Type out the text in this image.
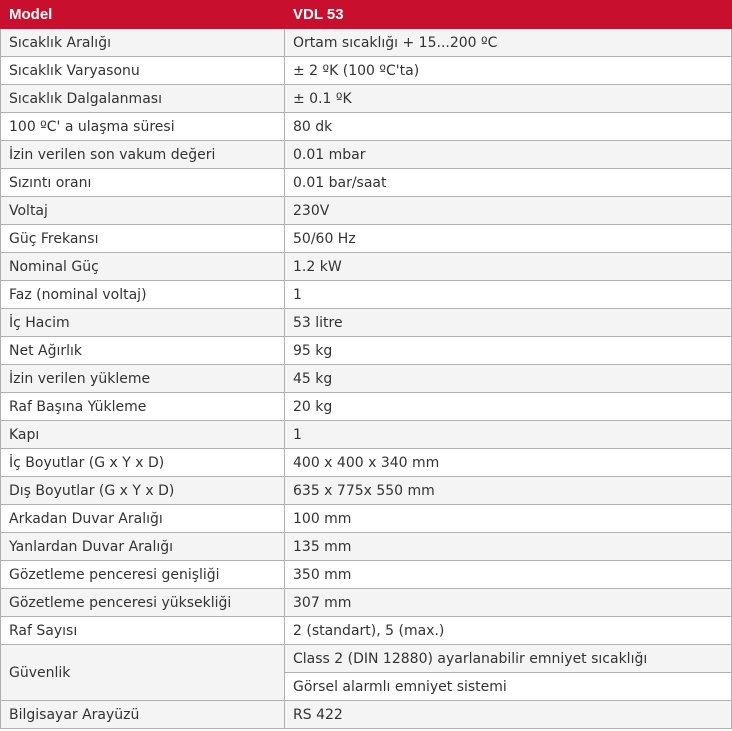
Model	VDL 53
Sıcaklık Aralığı	Ortam sıcaklığı + 15...200 ºC
Sıcaklık Varyasonu	± 2 ºK (100 ºC'ta)
Sıcaklık Dalgalanması	± 0.1 ºK
100 ºC' a ulaşma süresi	80 dk
İzin verilen son vakum değeri	0.01 mbar
Sızıntı oranı	0.01 bar/saat
Voltaj	230V
Güç Frekansı	50/60 Hz
Nominal Güç	1.2 kW
Faz (nominal voltaj)	1
İç Hacim	53 litre
Net Ağırlık	95 kg
İzin verilen yükleme	45 kg
Raf Başına Yükleme	20 kg
Kapı	1
İç Boyutlar (G x Y x D)	400 x 400 x 340 mm
Dış Boyutlar (G x Y x D)	635 x 775x 550 mm
Arkadan Duvar Aralığı	100 mm
Yanlardan Duvar Aralığı	135 mm
Gözetleme penceresi genişliği	350 mm
Gözetleme penceresi yüksekliği	307 mm
Raf Sayısı	2 (standart), 5 (max.)
Güvenlik	Class 2 (DIN 12880) ayarlanabilir emniyet sıcaklığı
	Görsel alarmlı emniyet sistemi
Bilgisayar Arayüzü	RS 422
